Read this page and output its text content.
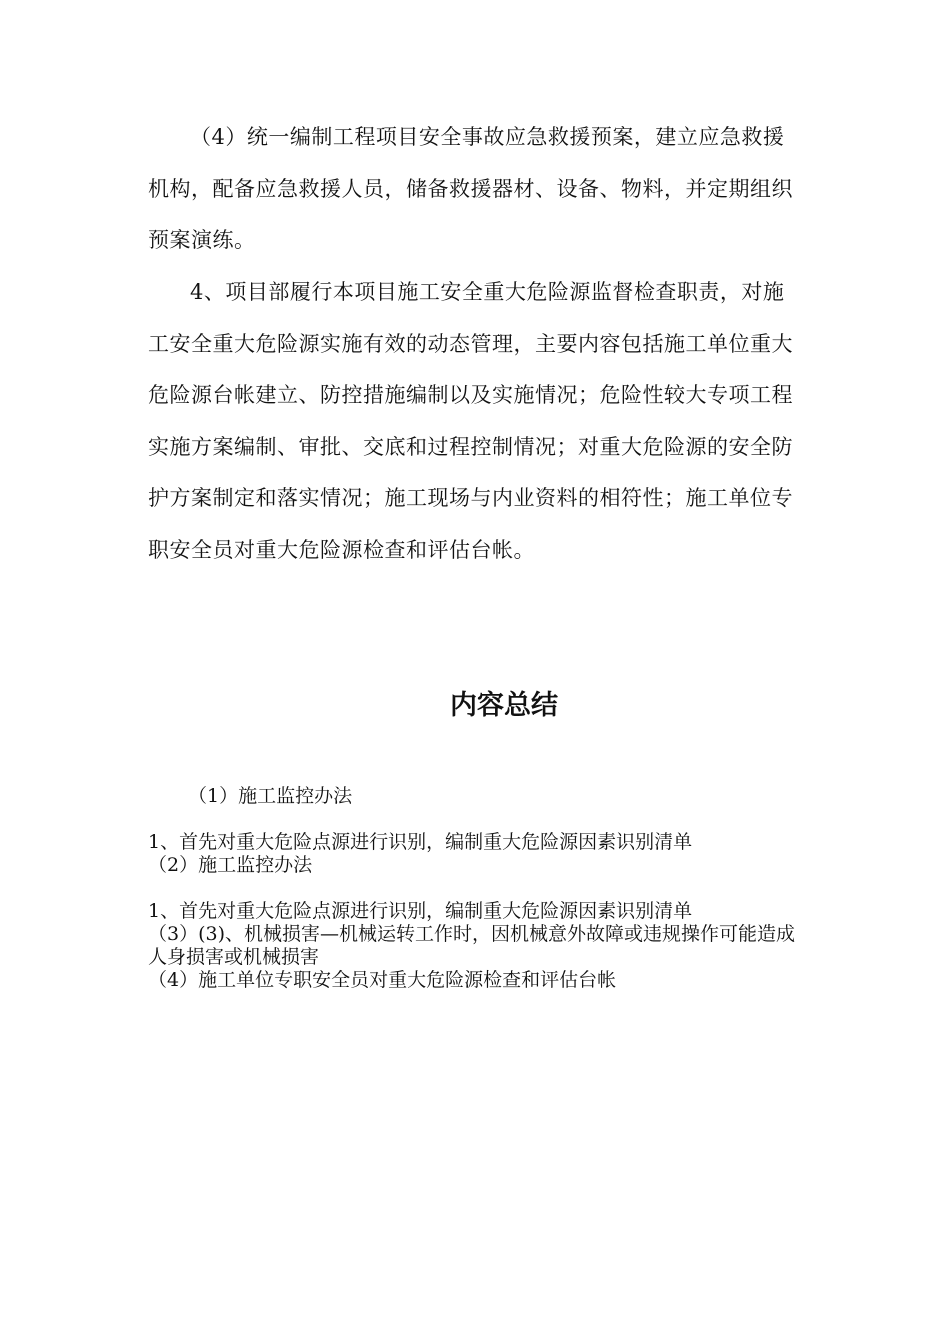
（4）统一编制工程项目安全事故应急救援预案，建立应急救援机构，配备应急救援人员，储备救援器材、设备、物料，并定期组织预案演练。

4、项目部履行本项目施工安全重大危险源监督检查职责，对施工安全重大危险源实施有效的动态管理，主要内容包括施工单位重大危险源台帐建立、防控措施编制以及实施情况；危险性较大专项工程实施方案编制、审批、交底和过程控制情况；对重大危险源的安全防护方案制定和落实情况；施工现场与内业资料的相符性；施工单位专职安全员对重大危险源检查和评估台帐。

内容总结

（1）施工监控办法

1、首先对重大危险点源进行识别，编制重大危险源因素识别清单

（2）施工监控办法

1、首先对重大危险点源进行识别，编制重大危险源因素识别清单

（3）(3)、机械损害—机械运转工作时，因机械意外故障或违规操作可能造成人身损害或机械损害

（4）施工单位专职安全员对重大危险源检查和评估台帐
